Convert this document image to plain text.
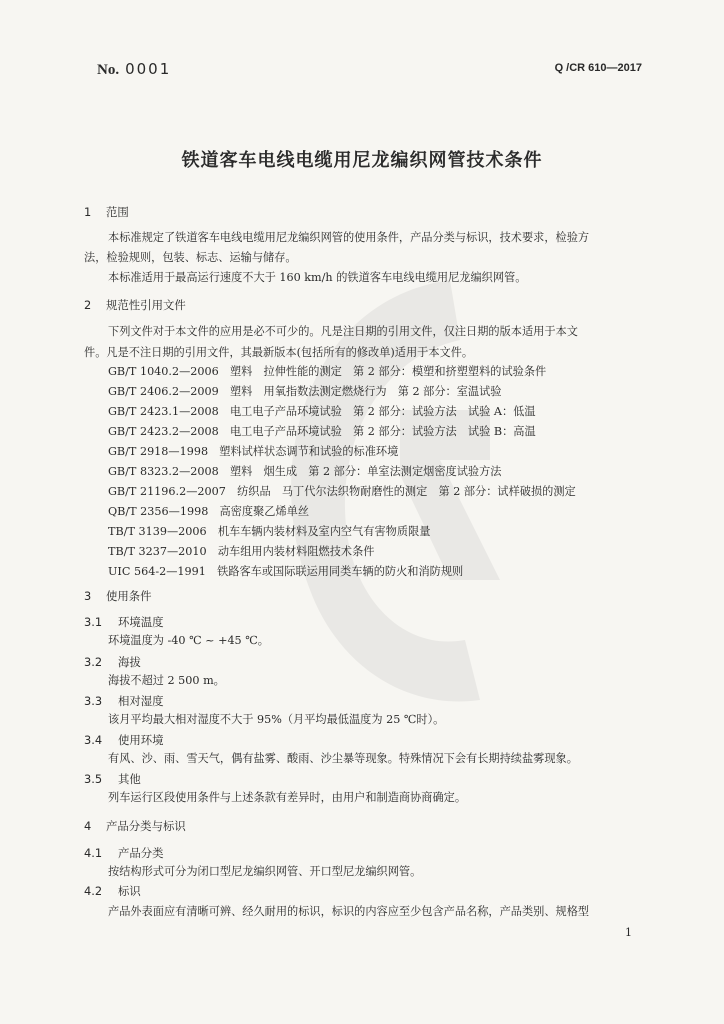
No. 0001	Q /CR 610—2017
铁道客车电线电缆用尼龙编织网管技术条件
1 范围
本标准规定了铁道客车电线电缆用尼龙编织网管的使用条件，产品分类与标识，技术要求，检验方
法，检验规则，包装、标志、运输与储存。
本标准适用于最高运行速度不大于 160 km/h 的铁道客车电线电缆用尼龙编织网管。
2 规范性引用文件
下列文件对于本文件的应用是必不可少的。凡是注日期的引用文件，仅注日期的版本适用于本文
件。凡是不注日期的引用文件，其最新版本(包括所有的修改单)适用于本文件。
GB/T 1040.2—2006　 塑料　拉伸性能的测定　第 2 部分：模塑和挤塑塑料的试验条件
GB/T 2406.2—2009　 塑料　用氧指数法测定燃烧行为　第 2 部分：室温试验
GB/T 2423.1—2008　 电工电子产品环境试验　第 2 部分：试验方法　试验 A：低温
GB/T 2423.2—2008　 电工电子产品环境试验　第 2 部分：试验方法　试验 B：高温
GB/T 2918—1998　 塑料试样状态调节和试验的标准环境
GB/T 8323.2—2008　 塑料　烟生成　第 2 部分：单室法测定烟密度试验方法
GB/T 21196.2—2007　 纺织品　马丁代尔法织物耐磨性的测定　第 2 部分：试样破损的测定
QB/T 2356—1998　 高密度聚乙烯单丝
TB/T 3139—2006　 机车车辆内装材料及室内空气有害物质限量
TB/T 3237—2010　 动车组用内装材料阻燃技术条件
UIC 564-2—1991　 铁路客车或国际联运用同类车辆的防火和消防规则
3 使用条件
3.1 环境温度
环境温度为 -40 ℃ ~ +45 ℃。
3.2 海拔
海拔不超过 2 500 m。
3.3 相对湿度
该月平均最大相对湿度不大于 95%（月平均最低温度为 25 ℃时）。
3.4 使用环境
有风、沙、雨、雪天气，偶有盐雾、酸雨、沙尘暴等现象。特殊情况下会有长期持续盐雾现象。
3.5 其他
列车运行区段使用条件与上述条款有差异时，由用户和制造商协商确定。
4 产品分类与标识
4.1 产品分类
按结构形式可分为闭口型尼龙编织网管、开口型尼龙编织网管。
4.2 标识
产品外表面应有清晰可辨、经久耐用的标识，标识的内容应至少包含产品名称，产品类别、规格型
1
